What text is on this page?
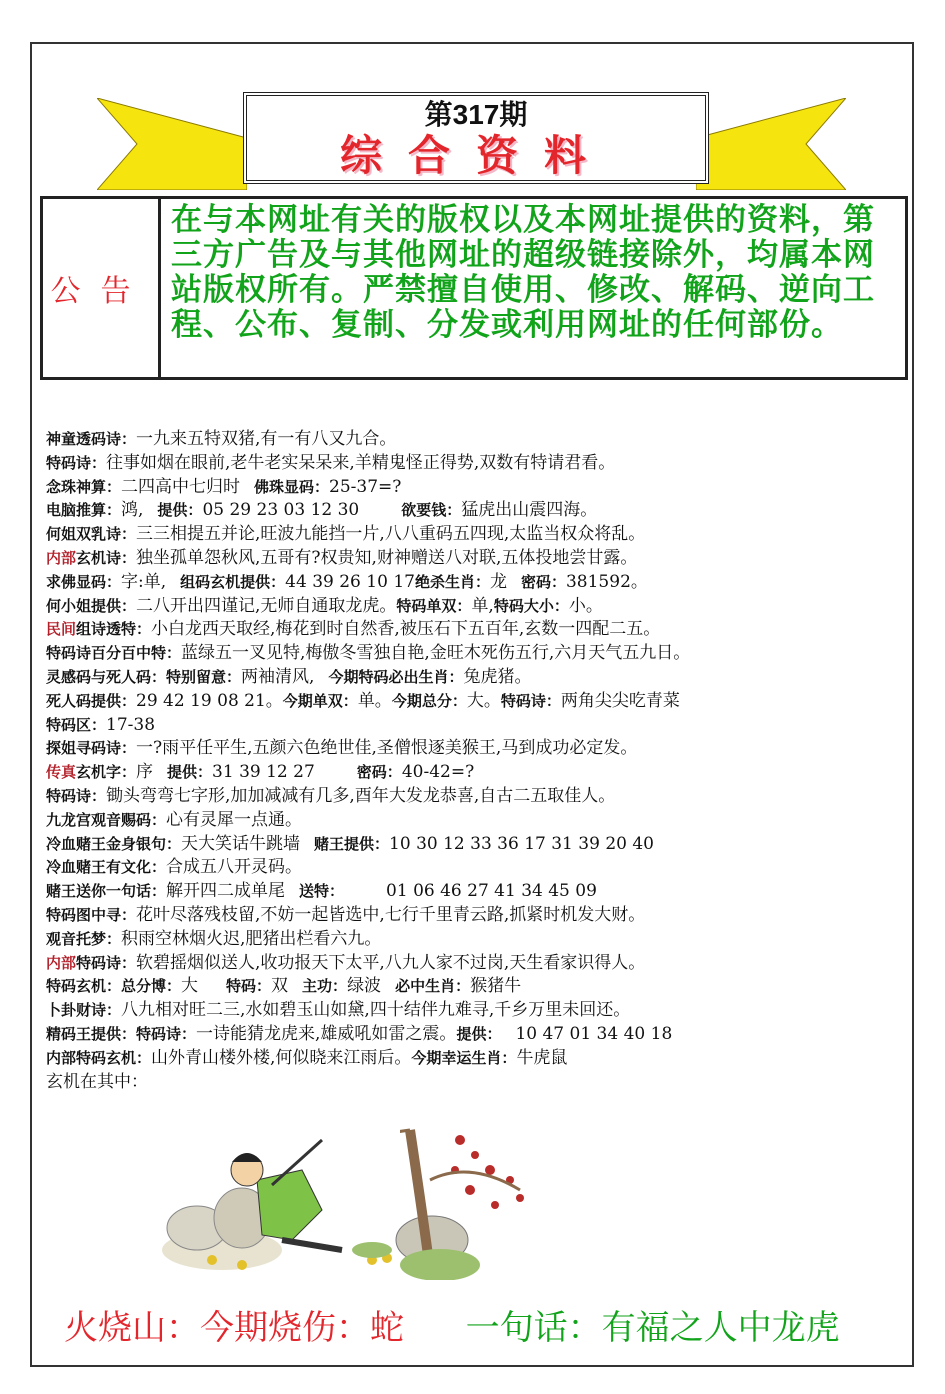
第317期
综合资料
公告
在与本网址有关的版权以及本网址提供的资料，第三方广告及与其他网址的超级链接除外，均属本网站版权所有。严禁擅自使用、修改、解码、逆向工程、公布、复制、分发或利用网址的任何部份。
神童透码诗：一九来五特双猪,有一有八又九合。
特码诗：往事如烟在眼前,老牛老实呆呆来,羊精鬼怪正得势,双数有特请君看。
念珠神算：二四高中七归时 佛珠显码：25-37=?
电脑推算：鸿, 提供：05 29 23 03 12 30	欲要钱：猛虎出山震四海。
何姐双乳诗：三三相提五并论,旺波九能挡一片,八八重码五四现,太监当权众将乱。
内部玄机诗：独坐孤单怨秋风,五哥有?权贵知,财神赠送八对联,五体投地尝甘露。
求佛显码：字:单, 组码玄机提供：44 39 26 10 17绝杀生肖：龙 密码：381592。
何小姐提供：二八开出四谨记,无师自通取龙虎。特码单双：单,特码大小：小。
民间组诗透特：小白龙西天取经,梅花到时自然香,被压石下五百年,玄数一四配二五。
特码诗百分百中特：蓝绿五一叉见特,梅傲冬雪独自艳,金旺木死伤五行,六月天气五九日。
灵感码与死人码：特别留意：两袖清风, 今期特码必出生肖：兔虎猪。
死人码提供：29 42 19 08 21。今期单双：单。今期总分：大。特码诗：两角尖尖吃青菜
特码区：17-38
探姐寻码诗：一?雨平任平生,五颜六色绝世佳,圣僧恨逐美猴王,马到成功必定发。
传真玄机字：序 提供：31 39 12 27	密码：40-42=?
特码诗：锄头弯弯七字形,加加减减有几多,酉年大发龙恭喜,自古二五取佳人。
九龙宫观音赐码：心有灵犀一点通。
冷血赌王金身银句：天大笑话牛跳墙 赌王提供：10 30 12 33 36 17 31 39 20 40
冷血赌王有文化：合成五八开灵码。
赌王送你一句话：解开四二成单尾 送特： 01 06 46 27 41 34 45 09
特码图中寻：花叶尽落残枝留,不妨一起皆选中,七行千里青云路,抓紧时机发大财。
观音托梦：积雨空林烟火迟,肥猪出栏看六九。
内部特码诗：软碧摇烟似送人,收功报天下太平,八九人家不过岗,天生看家识得人。
特码玄机：总分博：大 特码：双 主功：绿波 必中生肖：猴猪牛
卜卦财诗：八九相对旺二三,水如碧玉山如黛,四十结伴九难寻,千乡万里未回还。
精码王提供：特码诗：一诗能猜龙虎来,雄威吼如雷之震。提供： 10 47 01 34 40 18
内部特码玄机：山外青山楼外楼,何似晓来江雨后。今期幸运生肖：牛虎鼠
玄机在其中：
火烧山：今期烧伤：蛇 一句话：有福之人中龙虎
